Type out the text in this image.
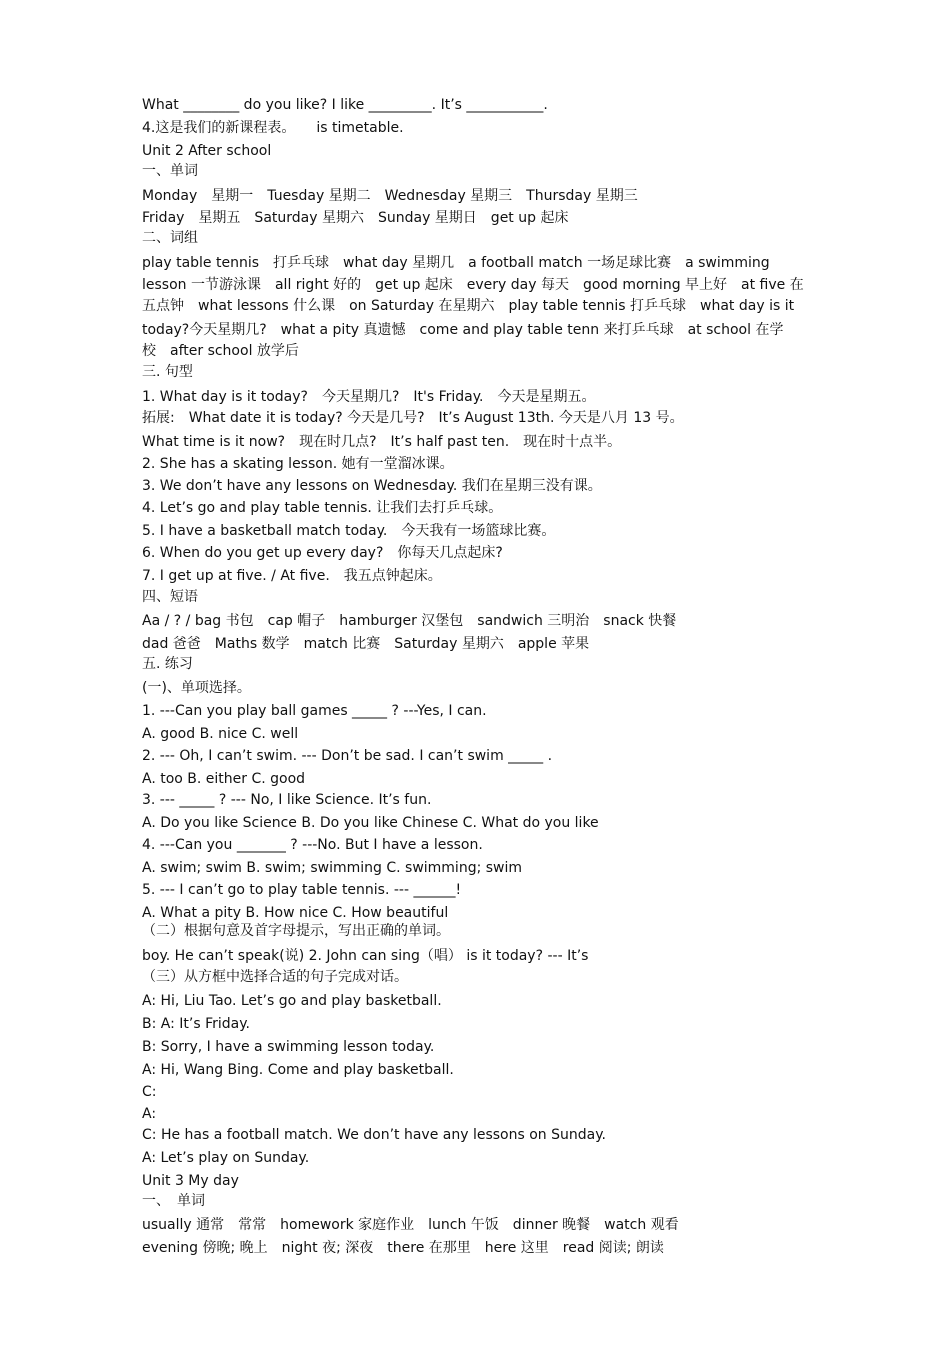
What ________ do you like? I like _________. It’s ___________.
4.这是我们的新课程表。　　is timetable.
Unit 2 After school
一、单词
Monday　星期一　Tuesday 星期二　Wednesday 星期三　Thursday 星期三
Friday　星期五　Saturday 星期六　Sunday 星期日　get up 起床
二、词组
play table tennis　打乒乓球　what day 星期几　a football match 一场足球比赛　a swimming
lesson 一节游泳课　all right 好的　get up 起床　every day 每天　good morning 早上好　at five 在
五点钟　what lessons 什么课　on Saturday 在星期六　play table tennis 打乒乓球　what day is it
today?今天星期几?　what a pity 真遗憾　come and play table tenn 来打乒乓球　at school 在学
校　after school 放学后
三. 句型
1. What day is it today?　今天星期几?　It's Friday.　今天是星期五。
拓展:　What date it is today? 今天是几号?　It’s August 13th. 今天是八月 13 号。
What time is it now?　现在时几点?　It’s half past ten.　现在时十点半。
2. She has a skating lesson. 她有一堂溜冰课。
3. We don’t have any lessons on Wednesday. 我们在星期三没有课。
4. Let’s go and play table tennis. 让我们去打乒乓球。
5. I have a basketball match today.　今天我有一场篮球比赛。
6. When do you get up every day?　你每天几点起床?
7. I get up at five. / At five.　我五点钟起床。
四、短语
Aa / ? / bag 书包　cap 帽子　hamburger 汉堡包　sandwich 三明治　snack 快餐
dad 爸爸　Maths 数学　match 比赛　Saturday 星期六　apple 苹果
五. 练习
(一)、单项选择。
1. ---Can you play ball games _____ ? ---Yes, I can.
A. good B. nice C. well
2. --- Oh, I can’t swim. --- Don’t be sad. I can’t swim _____ .
A. too B. either C. good
3. --- _____ ? --- No, I like Science. It’s fun.
A. Do you like Science B. Do you like Chinese C. What do you like
4. ---Can you _______ ? ---No. But I have a lesson.
A. swim; swim B. swim; swimming C. swimming; swim
5. --- I can’t go to play table tennis. --- ______!
A. What a pity B. How nice C. How beautiful
（二）根据句意及首字母提示，写出正确的单词。
boy. He can’t speak(说) 2. John can sing（唱） is it today? --- It’s
（三）从方框中选择合适的句子完成对话。
A: Hi, Liu Tao. Let’s go and play basketball.
B: A: It’s Friday.
B: Sorry, I have a swimming lesson today.
A: Hi, Wang Bing. Come and play basketball.
C:
A:
C: He has a football match. We don’t have any lessons on Sunday.
A: Let’s play on Sunday.
Unit 3 My day
一、　单词
usually 通常　常常　homework 家庭作业　lunch 午饭　dinner 晚餐　watch 观看
evening 傍晚; 晚上　night 夜; 深夜　there 在那里　here 这里　read 阅读; 朗读
